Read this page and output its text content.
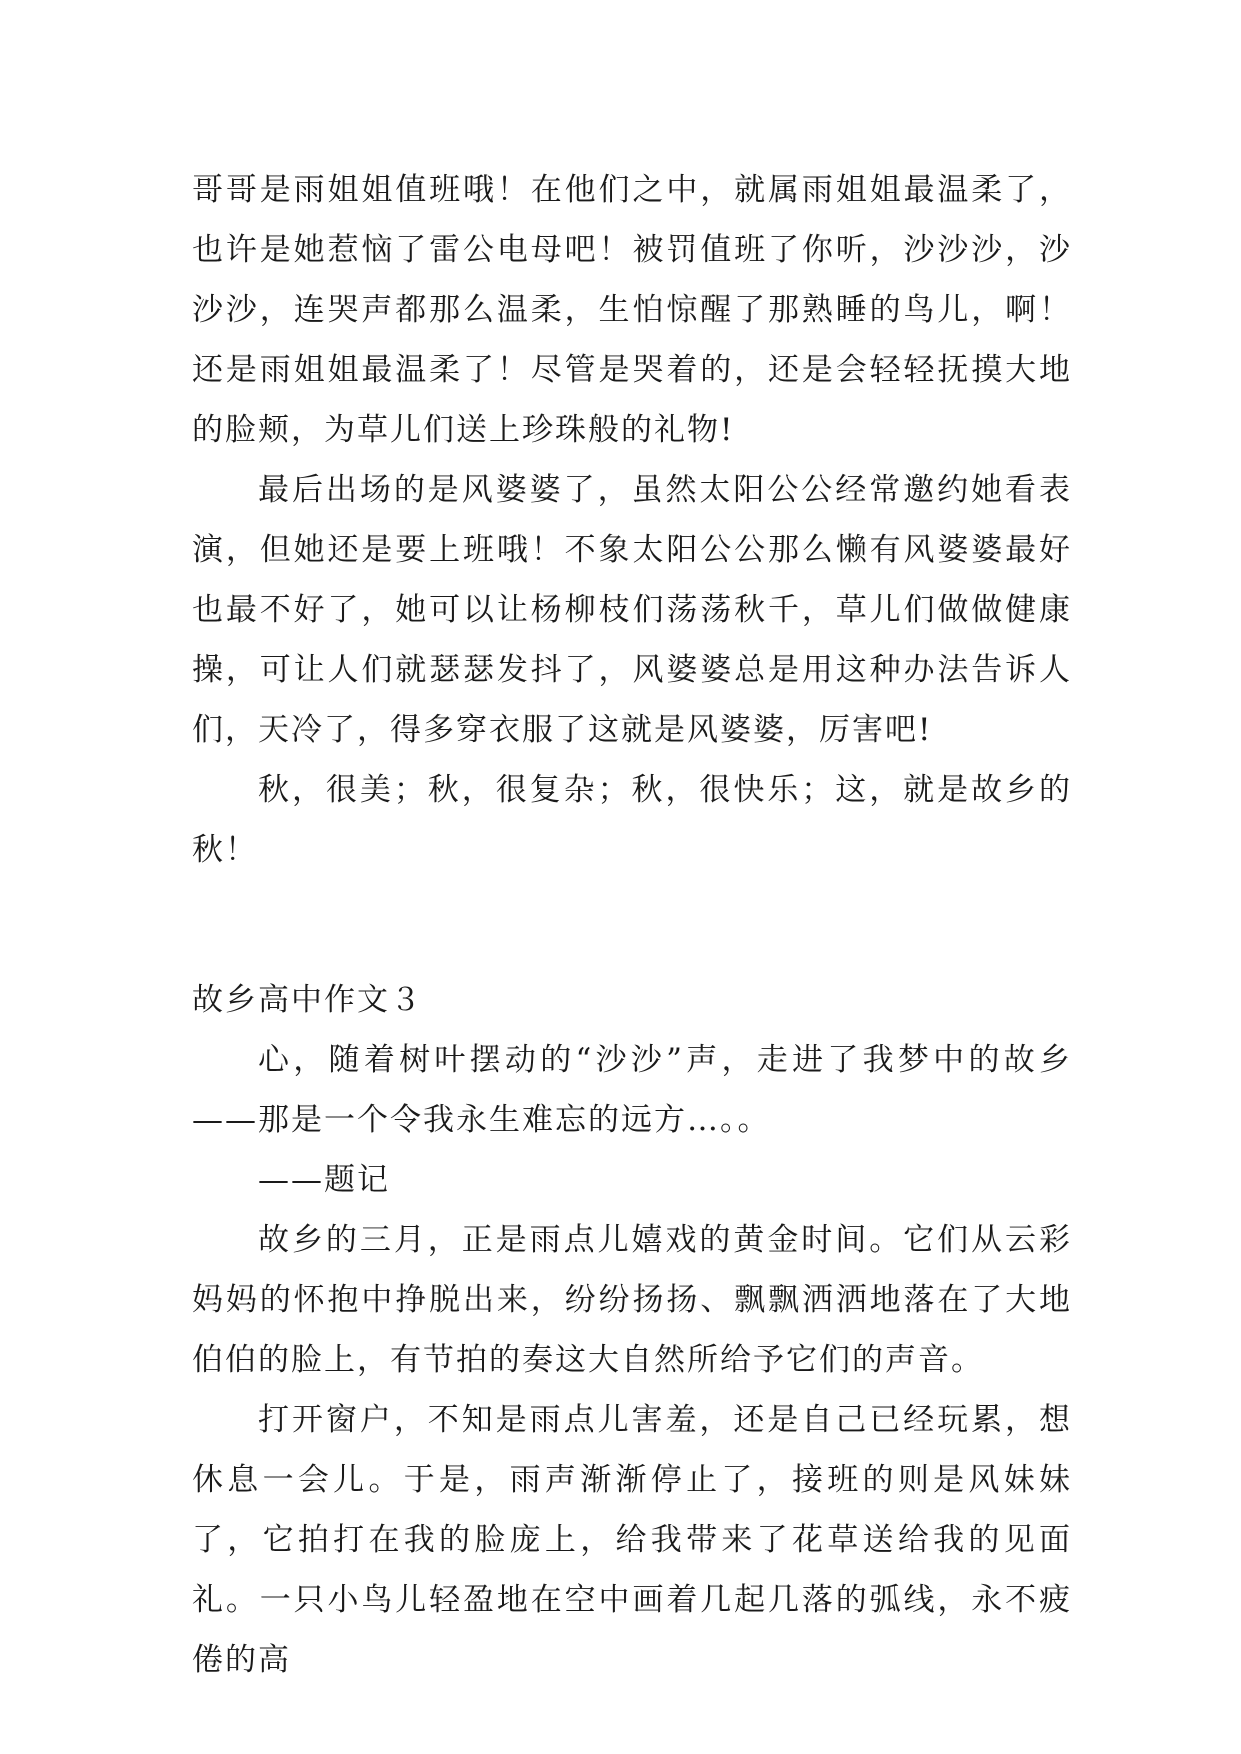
哥哥是雨姐姐值班哦！在他们之中，就属雨姐姐最温柔了，也许是她惹恼了雷公电母吧！被罚值班了你听，沙沙沙，沙沙沙，连哭声都那么温柔，生怕惊醒了那熟睡的鸟儿，啊！还是雨姐姐最温柔了！尽管是哭着的，还是会轻轻抚摸大地的脸颊，为草儿们送上珍珠般的礼物!

最后出场的是风婆婆了，虽然太阳公公经常邀约她看表演，但她还是要上班哦！不象太阳公公那么懒有风婆婆最好也最不好了，她可以让杨柳枝们荡荡秋千，草儿们做做健康操，可让人们就瑟瑟发抖了，风婆婆总是用这种办法告诉人们，天冷了，得多穿衣服了这就是风婆婆，厉害吧!

秋，很美；秋，很复杂；秋，很快乐；这，就是故乡的秋！

故乡高中作文３

心，随着树叶摆动的“沙沙”声，走进了我梦中的故乡——那是一个令我永生难忘的远方…。。

——题记

故乡的三月，正是雨点儿嬉戏的黄金时间。它们从云彩妈妈的怀抱中挣脱出来，纷纷扬扬、飘飘洒洒地落在了大地伯伯的脸上，有节拍的奏这大自然所给予它们的声音。

打开窗户，不知是雨点儿害羞，还是自己已经玩累，想休息一会儿。于是，雨声渐渐停止了，接班的则是风妹妹了，它拍打在我的脸庞上，给我带来了花草送给我的见面礼。一只小鸟儿轻盈地在空中画着几起几落的弧线，永不疲倦的高
